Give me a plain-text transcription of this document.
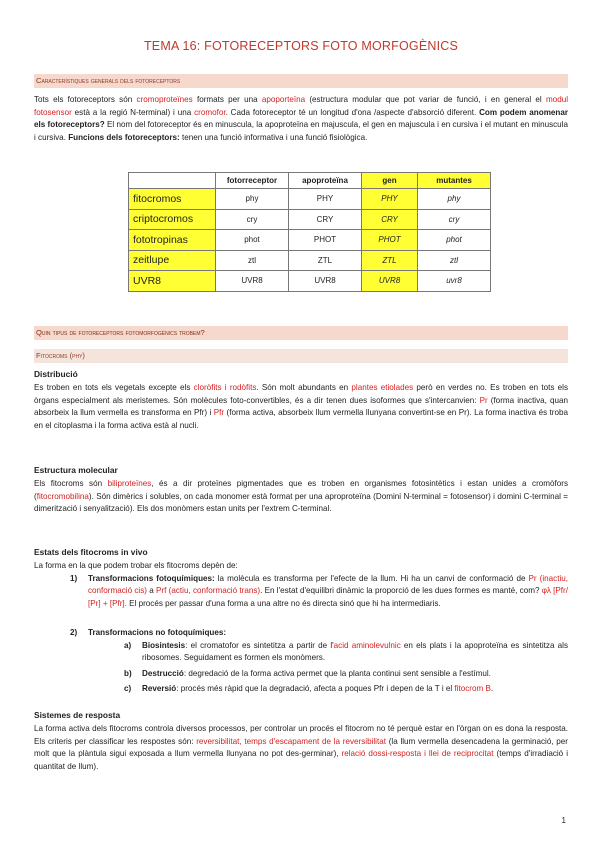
TEMA 16: FOTORECEPTORS FOTO MORFOGÈNICS
Característiques generals dels fotoreceptors

Tots els fotoreceptors són cromoproteïnes formats per una apoporteïna (estructura modular que pot variar de funció, i en general el modul fotosensor està a la regió N-terminal) i una cromofor. Cada fotoreceptor té un longitud d'ona /aspecte d'absorció diferent. Com podem anomenar els fotoreceptors? El nom del fotoreceptor és en minuscula, la apoproteïna en majuscula, el gen en majuscula i en cursiva i el mutant en minuscula i cursiva. Funcions dels fotoreceptors: tenen una funció informativa i una funció fisiològica.

	fotorreceptor	apoproteïna	gen	mutantes
fitocromos	phy	PHY	PHY	phy
criptocromos	cry	CRY	CRY	cry
fototropinas	phot	PHOT	PHOT	phot
zeitlupe	ztl	ZTL	ZTL	ztl
UVR8	UVR8	UVR8	UVR8	uvr8
Quin tipus de fotoreceptors fotomorfogènics trobem?
Fitocroms (phy)
Distribució

Es troben en tots els vegetals excepte els cloròfits i rodòfits. Són molt abundants en plantes etiolades però en verdes no. Es troben en tots els òrgans especialment als meristemes. Són molècules foto-convertibles, és a dir tenen dues isoformes que s'intercanvien: Pr (forma inactiva, quan absorbeix la llum vermella es transforma en Pfr) i Pfr (forma activa, absorbeix llum vermella llunyana convertint-se en Pr). La forma inactiva és troba en el citoplasma i la forma activa està al nucli.

Estructura molecular

Els fitocroms són biliproteïnes, és a dir proteïnes pigmentades que es troben en organismes fotosintètics i estan unides a cromòfors (fitocromobilina). Són dimèrics i solubles, on cada monomer està format per una aproproteïna (Domini N-terminal = fotosensor) i domini C-terminal = dimerització i senyalització). Els dos monòmers estan units per l'extrem C-terminal.

Estats dels fitocroms in vivo

La forma en la que podem trobar els fitocroms depèn de:

1) Transformacions fotoquímiques: la molècula es transforma per l'efecte de la llum. Hi ha un canvi de conformació de Pr (inactiu, conformació cis) a Prf (actiu, conformació trans). En l'estat d'equilibri dinàmic la proporció de les dues formes es manté, com? φλ [Pfr/ [Pr] + [Pfr]. El procés per passar d'una forma a una altre no és directa sinó que hi ha intermediaris.
2) Transformacions no fotoquímiques:
a) Biosintesis: el cromatofor es sintetitza a partir de l'acid aminolevulnic en els plats i la apoproteïna es sintetitza als ribosomes. Seguidament es formen els monòmers.
b) Destrucció: degredació de la forma activa permet que la planta continui sent sensible a l'estímul.
c) Reversió: procés més ràpid que la degradació, afecta a poques Pfr i depen de la T i el fitocrom B.
Sistemes de resposta

La forma activa dels fitocroms controla diversos processos, per controlar un procés el fitocrom no té perquè estar en l'òrgan on es dona la resposta. Els criteris per classificar les respostes són: reversibilitat, temps d'escapament de la reversibilitat (la llum vermella desencadena la germinació, per molt que la plàntula sigui exposada a llum vermella llunyana no pot des-germinar), relació dossi-resposta i llei de reciprocitat (temps d'irradiació i quantitat de llum).

1
